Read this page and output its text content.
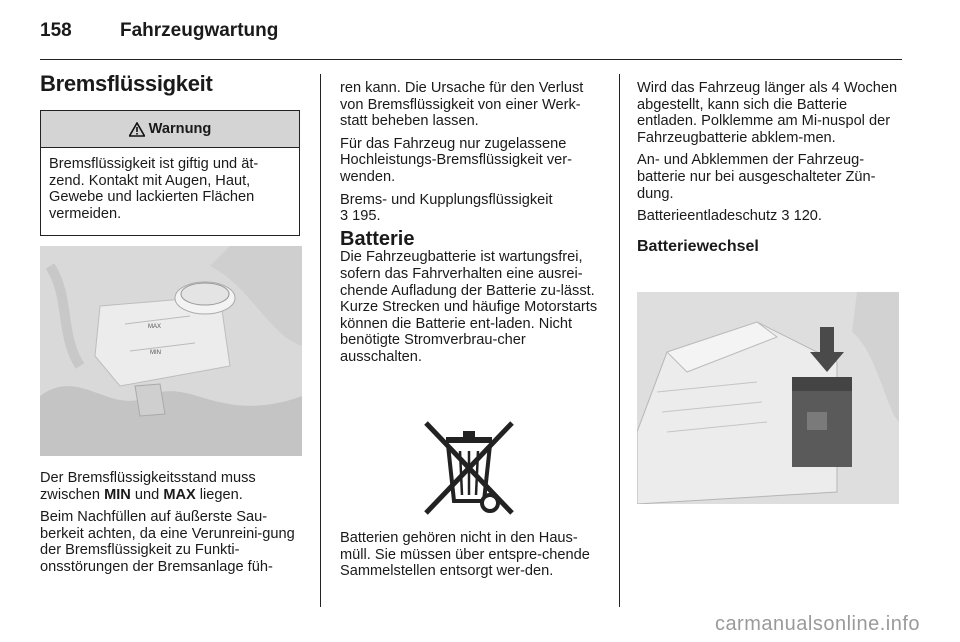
158	Fahrzeugwartung
Bremsflüssigkeit
Warnung
Bremsflüssigkeit ist giftig und ät-zend. Kontakt mit Augen, Haut, Gewebe und lackierten Flächen vermeiden.
MAX
MIN

Der Bremsflüssigkeitsstand muss zwischen MIN und MAX liegen.

Beim Nachfüllen auf äußerste Sau-berkeit achten, da eine Verunreini-gung der Bremsflüssigkeit zu Funkti-onsstörungen der Bremsanlage füh-

ren kann. Die Ursache für den Verlust von Bremsflüssigkeit von einer Werk-statt beheben lassen.

Für das Fahrzeug nur zugelassene Hochleistungs-Bremsflüssigkeit ver-wenden.

Brems- und Kupplungsflüssigkeit
3 195.

Batterie

Die Fahrzeugbatterie ist wartungsfrei, sofern das Fahrverhalten eine ausrei-chende Aufladung der Batterie zu-lässt. Kurze Strecken und häufige Motorstarts können die Batterie ent-laden. Nicht benötigte Stromverbrau-cher ausschalten.

Batterien gehören nicht in den Haus-müll. Sie müssen über entspre-chende Sammelstellen entsorgt wer-den.

Wird das Fahrzeug länger als 4 Wochen abgestellt, kann sich die Batterie entladen. Polklemme am Mi-nuspol der Fahrzeugbatterie abklem-men.

An- und Abklemmen der Fahrzeug-batterie nur bei ausgeschalteter Zün-dung.

Batterieentladeschutz 3 120.

Batteriewechsel
carmanualsonline.info
